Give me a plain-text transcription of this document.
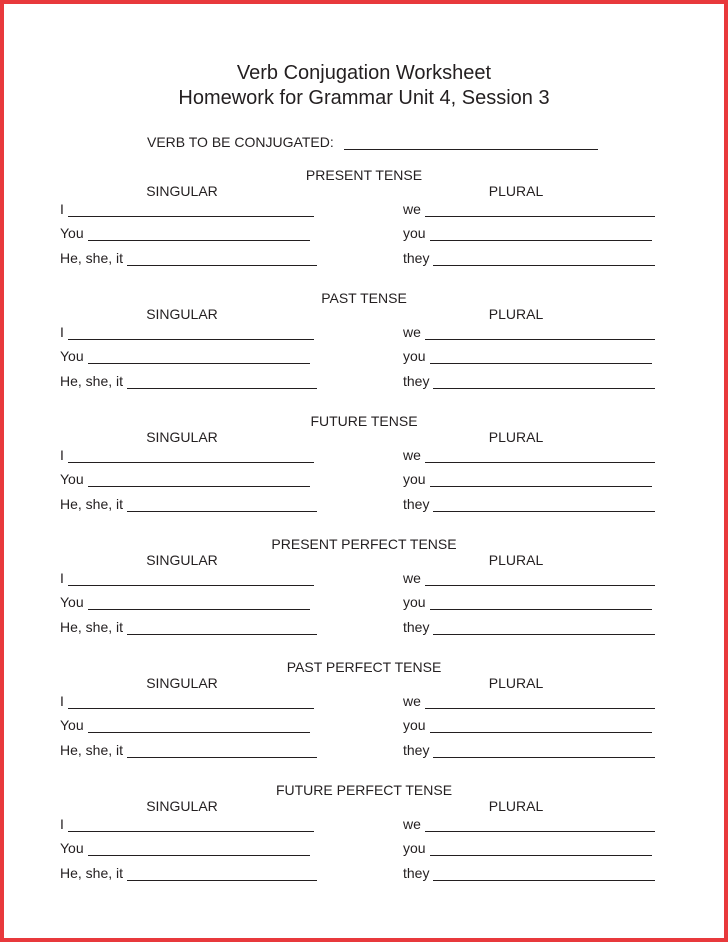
Verb Conjugation Worksheet
Homework for Grammar Unit 4, Session 3
VERB TO BE CONJUGATED:
PRESENT TENSE
SINGULAR	PLURAL
I	we
You	you
He, she, it	they
PAST TENSE
SINGULAR	PLURAL
I	we
You	you
He, she, it	they
FUTURE TENSE
SINGULAR	PLURAL
I	we
You	you
He, she, it	they
PRESENT PERFECT TENSE
SINGULAR	PLURAL
I	we
You	you
He, she, it	they
PAST PERFECT TENSE
SINGULAR	PLURAL
I	we
You	you
He, she, it	they
FUTURE PERFECT TENSE
SINGULAR	PLURAL
I	we
You	you
He, she, it	they
